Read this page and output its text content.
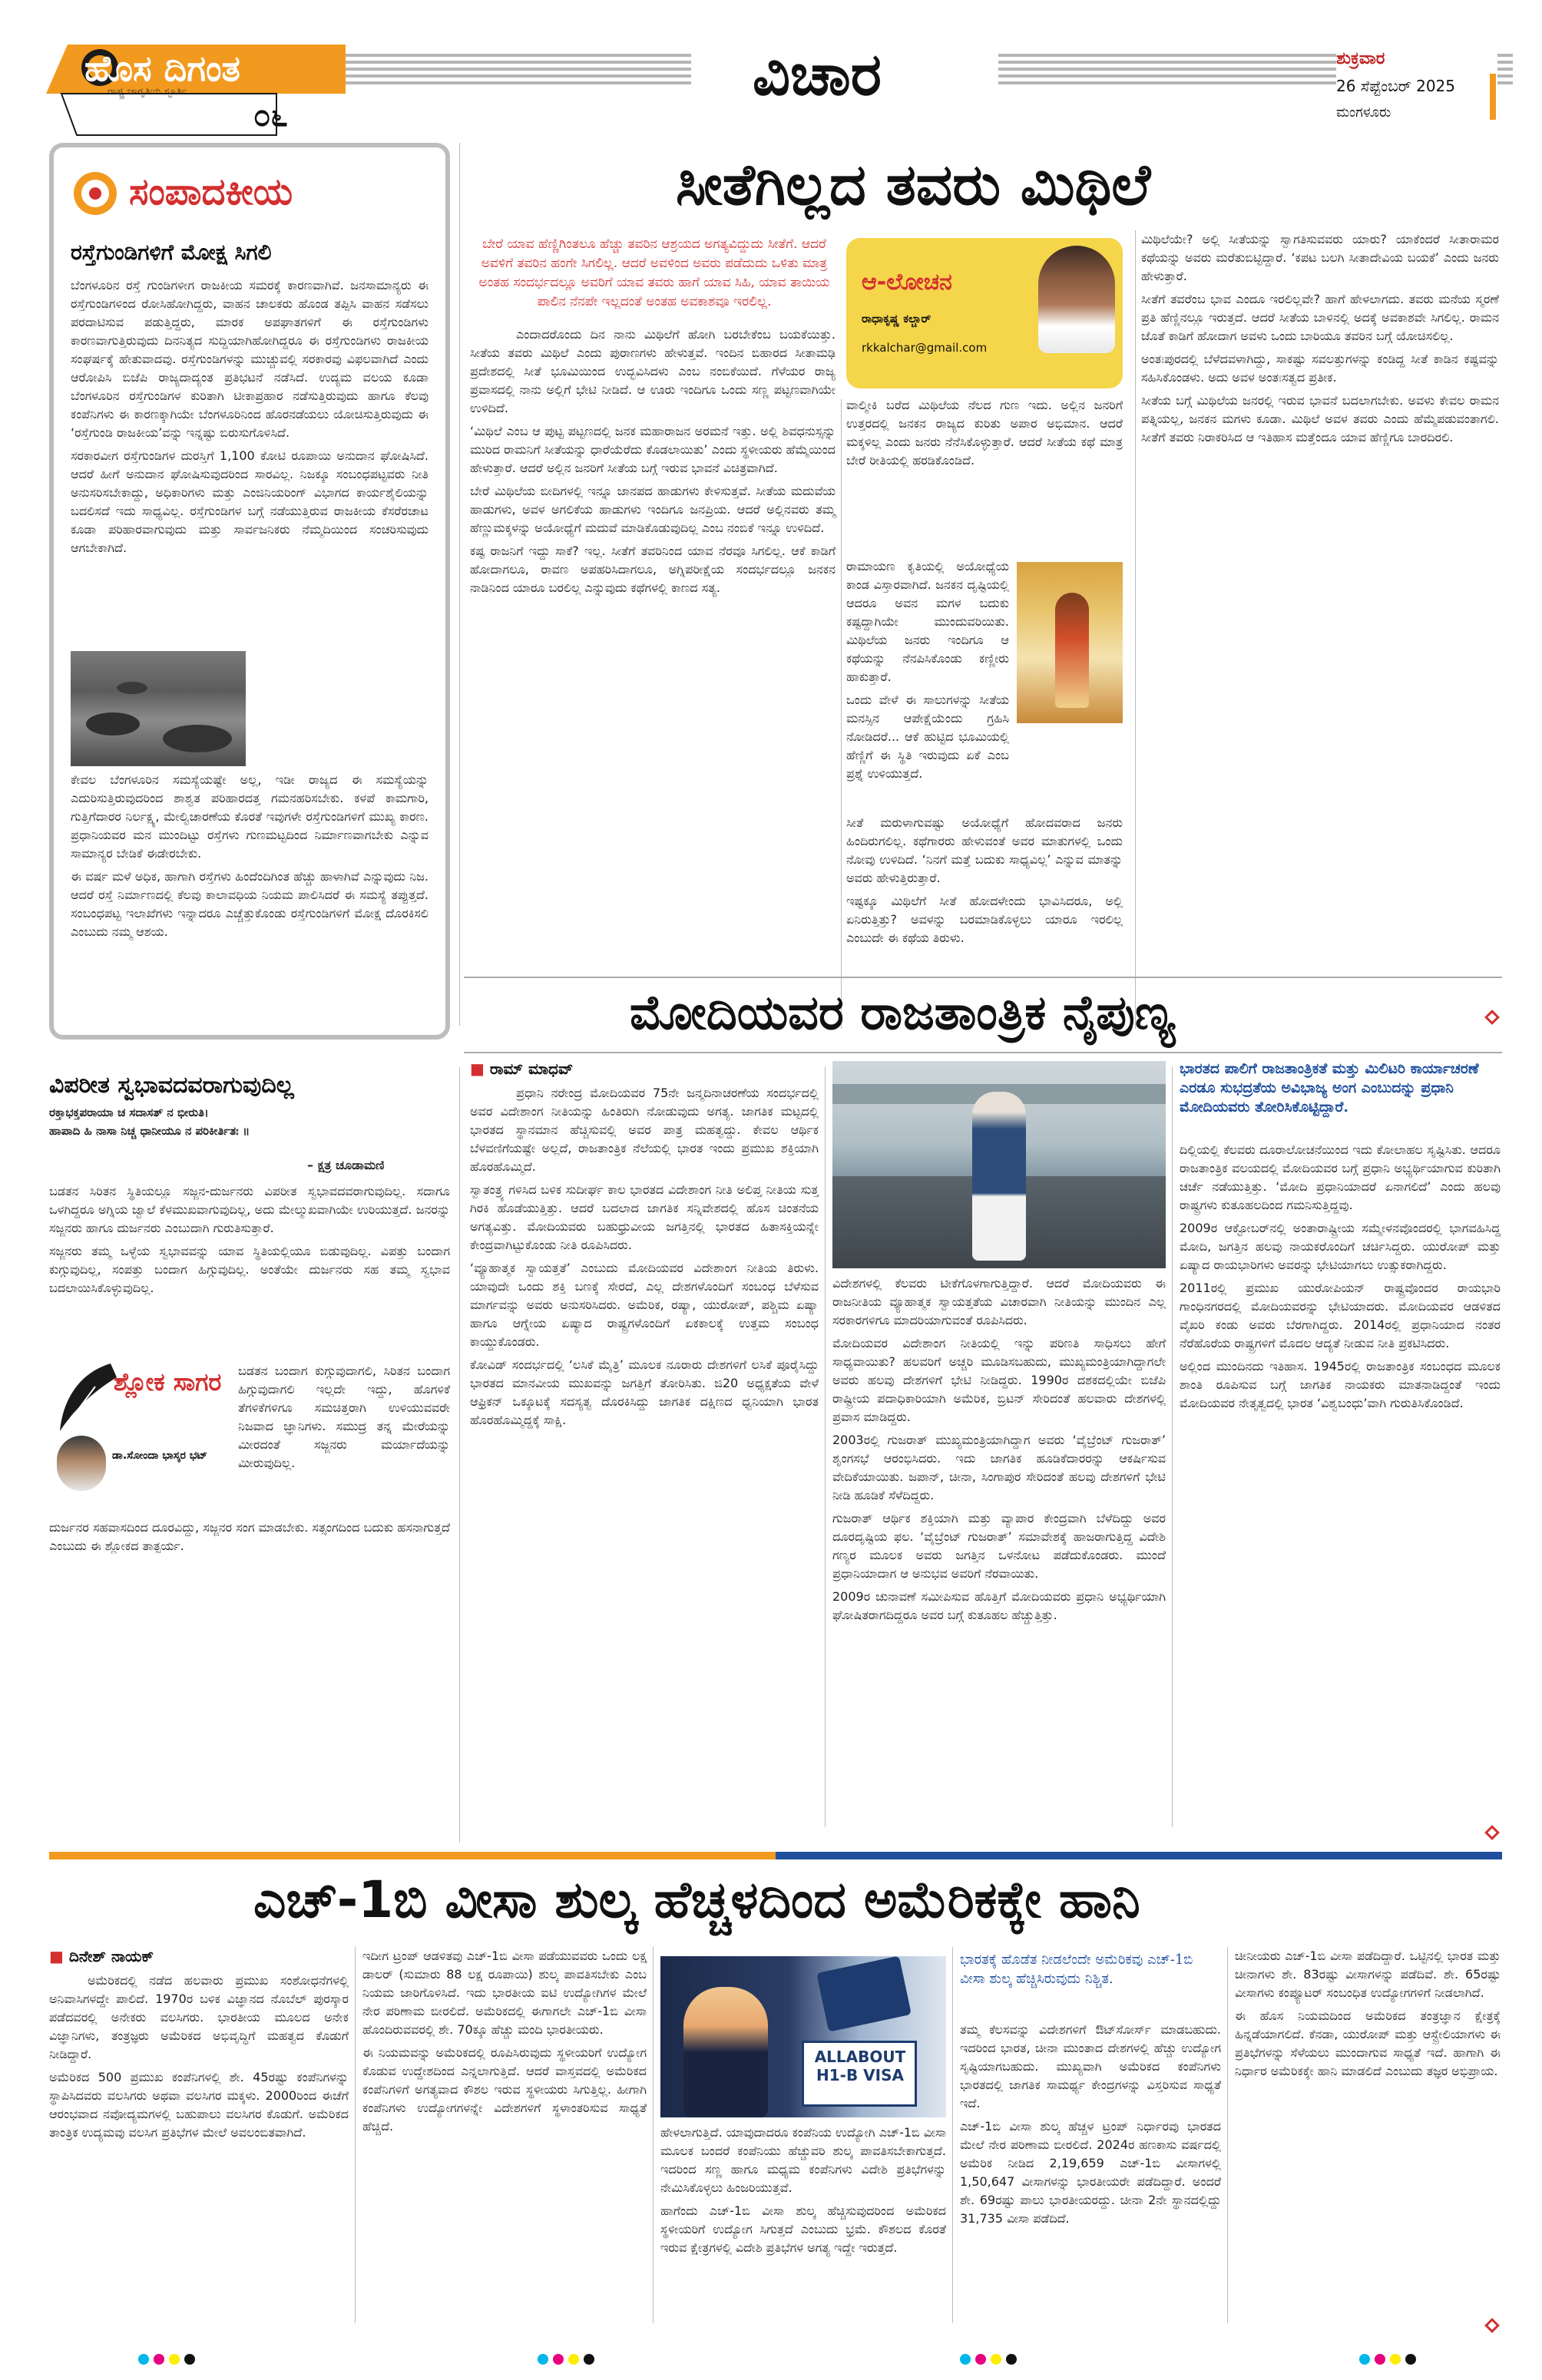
ಹೊಸ ದಿಗಂತ
ರಾಷ್ಟ್ರ ಜಾಗೃತಿಯ ಸ್ಫೂರ್ತಿ
೦೬
ವಿಚಾರ	ಶುಕ್ರವಾರ
26 ಸೆಪ್ಟೆಂಬರ್ 2025
ಮಂಗಳೂರು
ಸಂಪಾದಕೀಯ
ರಸ್ತೆಗುಂಡಿಗಳಿಗೆ ಮೋಕ್ಷ ಸಿಗಲಿ

ಬೆಂಗಳೂರಿನ ರಸ್ತೆ ಗುಂಡಿಗಳೀಗ ರಾಜಕೀಯ ಸಮರಕ್ಕೆ ಕಾರಣವಾಗಿವೆ. ಜನಸಾಮಾನ್ಯರು ಈ ರಸ್ತೆಗುಂಡಿಗಳಿಂದ ರೋಸಿಹೋಗಿದ್ದರು, ವಾಹನ ಚಾಲಕರು ಹೊಂಡ ತಪ್ಪಿಸಿ ವಾಹನ ಸಡೆಸಲು ಪರದಾಟಿಸುವ ಪಡುತ್ತಿದ್ದರು, ಮಾರಕ ಅಪಘಾತಗಳಿಗೆ ಈ ರಸ್ತೆಗುಂಡಿಗಳು ಕಾರಣವಾಗುತ್ತಿರುವುದು ದಿನನಿತ್ಯದ ಸುದ್ದಿಯಾಗಿಹೋಗಿದ್ದರೂ ಈ ರಸ್ತೆಗುಂಡಿಗಳು ರಾಜಕೀಯ ಸಂಘರ್ಷಕ್ಕೆ ಹೇತುವಾದವು. ರಸ್ತೆಗುಂಡಿಗಳನ್ನು ಮುಚ್ಚುವಲ್ಲಿ ಸರಕಾರವು ವಿಫಲವಾಗಿದೆ ಎಂದು ಆರೋಪಿಸಿ ಬಿಜೆಪಿ ರಾಜ್ಯದಾದ್ಯಂತ ಪ್ರತಿಭಟನೆ ನಡೆಸಿದೆ. ಉದ್ಯಮ ವಲಯ ಕೂಡಾ ಬೆಂಗಳೂರಿನ ರಸ್ತೆಗುಂಡಿಗಳ ಕುರಿತಾಗಿ ಟೀಕಾಪ್ರಹಾರ ನಡೆಸುತ್ತಿರುವುದು ಹಾಗೂ ಕೆಲವು ಕಂಪೆನಿಗಳು ಈ ಕಾರಣಕ್ಕಾಗಿಯೇ ಬೆಂಗಳೂರಿನಿಂದ ಹೊರನಡೆಯಲು ಯೋಚಿಸುತ್ತಿರುವುದು ಈ ‘ರಸ್ತೆಗುಂಡಿ ರಾಜಕೀಯ’ವನ್ನು ಇನ್ನಷ್ಟು ಬಿರುಸುಗೊಳಿಸಿದೆ.

ಸರಕಾರವೀಗ ರಸ್ತೆಗುಂಡಿಗಳ ದುರಸ್ತಿಗೆ 1,100 ಕೋಟಿ ರೂಪಾಯಿ ಅನುದಾನ ಘೋಷಿಸಿದೆ. ಆದರೆ ಹೀಗೆ ಅನುದಾನ ಘೋಷಿಸುವುದರಿಂದ ಸಾರವಿಲ್ಲ. ನಿಜಕ್ಕೂ ಸಂಬಂಧಪಟ್ಟವರು ನೀತಿ ಅನುಸರಿಸಬೇಕಾದ್ದು, ಅಧಿಕಾರಿಗಳು ಮತ್ತು ಎಂಜಿನಿಯರಿಂಗ್ ವಿಭಾಗದ ಕಾರ್ಯಶೈಲಿಯನ್ನು ಬದಲಿಸದೆ ಇದು ಸಾಧ್ಯವಿಲ್ಲ. ರಸ್ತೆಗುಂಡಿಗಳ ಬಗ್ಗೆ ನಡೆಯುತ್ತಿರುವ ರಾಜಕೀಯ ಕೆಸರೆರಚಾಟ ಕೂಡಾ ಪರಿಹಾರವಾಗುವುದು ಮತ್ತು ಸಾರ್ವಜನಿಕರು ನೆಮ್ಮದಿಯಿಂದ ಸಂಚರಿಸುವುದು ಆಗಬೇಕಾಗಿದೆ.

ಕೇವಲ ಬೆಂಗಳೂರಿನ ಸಮಸ್ಯೆಯಷ್ಟೇ ಅಲ್ಲ, ಇಡೀ ರಾಜ್ಯದ ಈ ಸಮಸ್ಯೆಯನ್ನು ಎದುರಿಸುತ್ತಿರುವುದರಿಂದ ಶಾಶ್ವತ ಪರಿಹಾರದತ್ತ ಗಮನಹರಿಸಬೇಕು. ಕಳಪೆ ಕಾಮಗಾರಿ, ಗುತ್ತಿಗೆದಾರರ ನಿರ್ಲಕ್ಷ್ಯ, ಮೇಲ್ವಿಚಾರಣೆಯ ಕೊರತೆ ಇವುಗಳೇ ರಸ್ತೆಗುಂಡಿಗಳಿಗೆ ಮುಖ್ಯ ಕಾರಣ. ಪ್ರಧಾನಿಯವರ ಮನ ಮುಂದಿಟ್ಟು ರಸ್ತೆಗಳು ಗುಣಮಟ್ಟದಿಂದ ನಿರ್ಮಾಣವಾಗಬೇಕು ಎನ್ನುವ ಸಾಮಾನ್ಯರ ಬೇಡಿಕೆ ಈಡೇರಬೇಕು.

ಈ ವರ್ಷ ಮಳೆ ಅಧಿಕ, ಹಾಗಾಗಿ ರಸ್ತೆಗಳು ಹಿಂದೆಂದಿಗಿಂತ ಹೆಚ್ಚು ಹಾಳಾಗಿವೆ ಎನ್ನುವುದು ನಿಜ. ಆದರೆ ರಸ್ತೆ ನಿರ್ಮಾಣದಲ್ಲಿ ಕೆಲವು ಕಾಲಾವಧಿಯ ನಿಯಮ ಪಾಲಿಸಿದರೆ ಈ ಸಮಸ್ಯೆ ತಪ್ಪುತ್ತದೆ. ಸಂಬಂಧಪಟ್ಟ ಇಲಾಖೆಗಳು ಇನ್ನಾದರೂ ಎಚ್ಚೆತ್ತುಕೊಂಡು ರಸ್ತೆಗುಂಡಿಗಳಿಗೆ ಮೋಕ್ಷ ದೊರಕಿಸಲಿ ಎಂಬುದು ನಮ್ಮ ಆಶಯ.

ಸೀತೆಗಿಲ್ಲದ ತವರು ಮಿಥಿಲೆ
ಬೇರೆ ಯಾವ ಹೆಣ್ಣಿಗಿಂತಲೂ ಹೆಚ್ಚು ತವರಿನ ಆಶ್ರಯದ ಅಗತ್ಯವಿದ್ದುದು ಸೀತೆಗೆ. ಆದರೆ ಅವಳಿಗೆ ತವರಿನ ಹಂಗೇ ಸಿಗಲಿಲ್ಲ. ಆದರೆ ಅವಳಿಂದ ಅವರು ಪಡೆದುದು ಒಳಿತು ಮಾತ್ರ ಅಂತಹ ಸಂದರ್ಭದಲ್ಲೂ ಅವರಿಗೆ ಯಾವ ತವರು ಹಾಗೆ ಯಾವ ಸಿಹಿ, ಯಾವ ತಾಯಿಯ ಪಾಲಿನ ನೆನಪೇ ಇಲ್ಲದಂತೆ ಅಂತಹ ಅವಕಾಶವೂ ಇರಲಿಲ್ಲ.
ಆ-ಲೋಚನ
ರಾಧಾಕೃಷ್ಣ ಕಲ್ಚಾರ್
rkkalchar@gmail.com

ಎಂದಾದರೊಂದು ದಿನ ನಾನು ಮಿಥಿಲೆಗೆ ಹೋಗಿ ಬರಬೇಕೆಂಬ ಬಯಕೆಯಿತ್ತು. ಸೀತೆಯ ತವರು ಮಿಥಿಲೆ ಎಂದು ಪುರಾಣಗಳು ಹೇಳುತ್ತವೆ. ಇಂದಿನ ಬಿಹಾರದ ಸೀತಾಮಢಿ ಪ್ರದೇಶದಲ್ಲಿ ಸೀತೆ ಭೂಮಿಯಿಂದ ಉದ್ಭವಿಸಿದಳು ಎಂಬ ನಂಬಿಕೆಯಿದೆ. ಗೆಳೆಯರ ರಾಜ್ಯ ಪ್ರವಾಸದಲ್ಲಿ ನಾನು ಅಲ್ಲಿಗೆ ಭೇಟಿ ನೀಡಿದೆ. ಆ ಊರು ಇಂದಿಗೂ ಒಂದು ಸಣ್ಣ ಪಟ್ಟಣವಾಗಿಯೇ ಉಳಿದಿದೆ.

‘ಮಿಥಿಲೆ ಎಂಬ ಆ ಪುಟ್ಟ ಪಟ್ಟಣದಲ್ಲಿ ಜನಕ ಮಹಾರಾಜನ ಅರಮನೆ ಇತ್ತು. ಅಲ್ಲಿ ಶಿವಧನುಸ್ಸನ್ನು ಮುರಿದ ರಾಮನಿಗೆ ಸೀತೆಯನ್ನು ಧಾರೆಯೆರೆದು ಕೊಡಲಾಯಿತು’ ಎಂದು ಸ್ಥಳೀಯರು ಹೆಮ್ಮೆಯಿಂದ ಹೇಳುತ್ತಾರೆ. ಆದರೆ ಅಲ್ಲಿನ ಜನರಿಗೆ ಸೀತೆಯ ಬಗ್ಗೆ ಇರುವ ಭಾವನೆ ವಿಚಿತ್ರವಾಗಿದೆ.

ಬೇರೆ ಮಿಥಿಲೆಯ ಬೀದಿಗಳಲ್ಲಿ ಇನ್ನೂ ಜಾನಪದ ಹಾಡುಗಳು ಕೇಳಿಸುತ್ತವೆ. ಸೀತೆಯ ಮದುವೆಯ ಹಾಡುಗಳು, ಅವಳ ಅಗಲಿಕೆಯ ಹಾಡುಗಳು ಇಂದಿಗೂ ಜನಪ್ರಿಯ. ಆದರೆ ಅಲ್ಲಿನವರು ತಮ್ಮ ಹೆಣ್ಣುಮಕ್ಕಳನ್ನು ಅಯೋಧ್ಯೆಗೆ ಮದುವೆ ಮಾಡಿಕೊಡುವುದಿಲ್ಲ ಎಂಬ ನಂಬಿಕೆ ಇನ್ನೂ ಉಳಿದಿದೆ.

ಕಷ್ಟ ರಾಜನಿಗೆ ಇದ್ದು ಸಾಕೆ? ಇಲ್ಲ. ಸೀತೆಗೆ ತವರಿನಿಂದ ಯಾವ ನೆರವೂ ಸಿಗಲಿಲ್ಲ. ಆಕೆ ಕಾಡಿಗೆ ಹೋದಾಗಲೂ, ರಾವಣ ಅಪಹರಿಸಿದಾಗಲೂ, ಅಗ್ನಿಪರೀಕ್ಷೆಯ ಸಂದರ್ಭದಲ್ಲೂ ಜನಕನ ನಾಡಿನಿಂದ ಯಾರೂ ಬರಲಿಲ್ಲ ಎನ್ನುವುದು ಕಥೆಗಳಲ್ಲಿ ಕಾಣದ ಸತ್ಯ.

ವಾಲ್ಮೀಕಿ ಬರೆದ ಮಿಥಿಲೆಯ ನೆಲದ ಗುಣ ಇದು. ಅಲ್ಲಿನ ಜನರಿಗೆ ಉತ್ತರದಲ್ಲಿ ಜನಕನ ರಾಜ್ಯದ ಕುರಿತು ಅಪಾರ ಅಭಿಮಾನ. ಆದರೆ ಮಕ್ಕಳಿಲ್ಲ ಎಂದು ಜನರು ನೆನೆಸಿಕೊಳ್ಳುತ್ತಾರೆ. ಆದರೆ ಸೀತೆಯ ಕಥೆ ಮಾತ್ರ ಬೇರೆ ರೀತಿಯಲ್ಲಿ ಹರಡಿಕೊಂಡಿದೆ.

ರಾಮಾಯಣ ಕೃತಿಯಲ್ಲಿ ಅಯೋಧ್ಯೆಯ ಕಾಂಡ ವಿಸ್ತಾರವಾಗಿದೆ. ಜನಕನ ದೃಷ್ಟಿಯಲ್ಲಿ ಆದರೂ ಅವನ ಮಗಳ ಬದುಕು ಕಷ್ಟದ್ದಾಗಿಯೇ ಮುಂದುವರಿಯಿತು. ಮಿಥಿಲೆಯ ಜನರು ಇಂದಿಗೂ ಆ ಕಥೆಯನ್ನು ನೆನಪಿಸಿಕೊಂಡು ಕಣ್ಣೀರು ಹಾಕುತ್ತಾರೆ.

ಒಂದು ವೇಳೆ ಈ ಸಾಲುಗಳನ್ನು ಸೀತೆಯ ಮನಸ್ಸಿನ ಆಪೇಕ್ಷೆಯೆಂದು ಗ್ರಹಿಸಿ ನೋಡಿದರೆ... ಆಕೆ ಹುಟ್ಟಿದ ಭೂಮಿಯಲ್ಲಿ ಹೆಣ್ಣಿಗೆ ಈ ಸ್ಥಿತಿ ಇರುವುದು ಏಕೆ ಎಂಬ ಪ್ರಶ್ನೆ ಉಳಿಯುತ್ತದೆ.

ಸೀತೆ ಮರುಳಾಗುವಷ್ಟು ಅಯೋಧ್ಯೆಗೆ ಹೋದವರಾದ ಜನರು ಹಿಂದಿರುಗಲಿಲ್ಲ. ಕಥೆಗಾರರು ಹೇಳುವಂತೆ ಅವರ ಮಾತುಗಳಲ್ಲಿ ಒಂದು ನೋವು ಉಳಿದಿದೆ. ‘ನಿನಗೆ ಮತ್ತೆ ಬದುಕು ಸಾಧ್ಯವಿಲ್ಲ’ ಎನ್ನುವ ಮಾತನ್ನು ಅವರು ಹೇಳುತ್ತಿರುತ್ತಾರೆ.

ಇಷ್ಟಕ್ಕೂ ಮಿಥಿಲೆಗೆ ಸೀತೆ ಹೋದಳೇಂದು ಭಾವಿಸಿದರೂ, ಅಲ್ಲಿ ಏನಿರುತ್ತಿತ್ತು? ಅವಳನ್ನು ಬರಮಾಡಿಕೊಳ್ಳಲು ಯಾರೂ ಇರಲಿಲ್ಲ ಎಂಬುದೇ ಈ ಕಥೆಯ ತಿರುಳು.

ಮಿಥಿಲೆಯೇ? ಅಲ್ಲಿ ಸೀತೆಯನ್ನು ಸ್ವಾಗತಿಸುವವರು ಯಾರು? ಯಾಕೆಂದರೆ ಸೀತಾರಾಮರ ಕಥೆಯನ್ನು ಅವರು ಮರೆತುಬಿಟ್ಟಿದ್ದಾರೆ. ‘ಕಪಟ ಬಲಗಿ ಸೀತಾದೇವಿಯ ಬಯಕೆ’ ಎಂದು ಜನರು ಹೇಳುತ್ತಾರೆ.

ಸೀತೆಗೆ ತವರೆಂಬ ಭಾವ ಎಂದೂ ಇರಲಿಲ್ಲವೇ? ಹಾಗೆ ಹೇಳಲಾಗದು. ತವರು ಮನೆಯ ಸ್ಮರಣೆ ಪ್ರತಿ ಹೆಣ್ಣಿನಲ್ಲೂ ಇರುತ್ತದೆ. ಆದರೆ ಸೀತೆಯ ಬಾಳಿನಲ್ಲಿ ಅದಕ್ಕೆ ಅವಕಾಶವೇ ಸಿಗಲಿಲ್ಲ. ರಾಮನ ಜೊತೆ ಕಾಡಿಗೆ ಹೋದಾಗ ಅವಳು ಒಂದು ಬಾರಿಯೂ ತವರಿನ ಬಗ್ಗೆ ಯೋಚಿಸಲಿಲ್ಲ.

ಅಂತಃಪುರದಲ್ಲಿ ಬೆಳೆದವಳಾಗಿದ್ದು, ಸಾಕಷ್ಟು ಸವಲತ್ತುಗಳನ್ನು ಕಂಡಿದ್ದ ಸೀತೆ ಕಾಡಿನ ಕಷ್ಟವನ್ನು ಸಹಿಸಿಕೊಂಡಳು. ಅದು ಅವಳ ಅಂತಃಸತ್ವದ ಪ್ರತೀಕ.

ಸೀತೆಯ ಬಗ್ಗೆ ಮಿಥಿಲೆಯ ಜನರಲ್ಲಿ ಇರುವ ಭಾವನೆ ಬದಲಾಗಬೇಕು. ಅವಳು ಕೇವಲ ರಾಮನ ಪತ್ನಿಯಲ್ಲ, ಜನಕನ ಮಗಳು ಕೂಡಾ. ಮಿಥಿಲೆ ಅವಳ ತವರು ಎಂದು ಹೆಮ್ಮೆಪಡುವಂತಾಗಲಿ. ಸೀತೆಗೆ ತವರು ನಿರಾಕರಿಸಿದ ಆ ಇತಿಹಾಸ ಮತ್ತೆಂದೂ ಯಾವ ಹೆಣ್ಣಿಗೂ ಬಾರದಿರಲಿ.

ವಿಪರೀತ ಸ್ವಭಾವದವರಾಗುವುದಿಲ್ಲ
ರಕ್ತಾಭಕ್ತಪರಾಯಾ ಚ ಸದಾಸತ್ ನ ಭೀರುತಿ।
ಹಾಪಾದಿ ಹಿ ನಾಸಾ ನಿಚ್ಚ ಧಾನೀಯೂ ನ ಪರಿಕೀರ್ತಿತಃ ॥
– ಕ್ಷತ್ರ ಚೂಡಾಮಣಿ

ಬಡತನ ಸಿರಿತನ ಸ್ಥಿತಿಯಲ್ಲೂ ಸಜ್ಜನ-ದುರ್ಜನರು ವಿಪರೀತ ಸ್ವಭಾವದವರಾಗುವುದಿಲ್ಲ. ಸದಾಗೂ ಒಳಗಿದ್ದರೂ ಅಗ್ನಿಯ ಜ್ವಾಲೆ ಕೆಳಮುಖವಾಗುವುದಿಲ್ಲ, ಅದು ಮೇಲ್ಮುಖವಾಗಿಯೇ ಉರಿಯುತ್ತದೆ. ಜನರನ್ನು ಸಜ್ಜನರು ಹಾಗೂ ದುರ್ಜನರು ಎಂಬುದಾಗಿ ಗುರುತಿಸುತ್ತಾರೆ.

ಸಜ್ಜನರು ತಮ್ಮ ಒಳ್ಳೆಯ ಸ್ವಭಾವವನ್ನು ಯಾವ ಸ್ಥಿತಿಯಲ್ಲಿಯೂ ಬಿಡುವುದಿಲ್ಲ. ವಿಪತ್ತು ಬಂದಾಗ ಕುಗ್ಗುವುದಿಲ್ಲ, ಸಂಪತ್ತು ಬಂದಾಗ ಹಿಗ್ಗುವುದಿಲ್ಲ. ಅಂತೆಯೇ ದುರ್ಜನರು ಸಹ ತಮ್ಮ ಸ್ವಭಾವ ಬದಲಾಯಿಸಿಕೊಳ್ಳುವುದಿಲ್ಲ.

ಶ್ಲೋಕ ಸಾಗರ
ಡಾ.ಸೋಂದಾ ಭಾಸ್ಕರ ಭಟ್

ಬಡತನ ಬಂದಾಗ ಕುಗ್ಗುವುದಾಗಲಿ, ಸಿರಿತನ ಬಂದಾಗ ಹಿಗ್ಗುವುದಾಗಲಿ ಇಲ್ಲದೇ ಇದ್ದು, ಹೊಗಳಿಕೆ ತೆಗಳಿಕೆಗಳಿಗೂ ಸಮಚಿತ್ತರಾಗಿ ಉಳಿಯುವವರೇ ನಿಜವಾದ ಜ್ಞಾನಿಗಳು. ಸಮುದ್ರ ತನ್ನ ಮೇರೆಯನ್ನು ಮೀರದಂತೆ ಸಜ್ಜನರು ಮರ್ಯಾದೆಯನ್ನು ಮೀರುವುದಿಲ್ಲ.

ದುರ್ಜನರ ಸಹವಾಸದಿಂದ ದೂರವಿದ್ದು, ಸಜ್ಜನರ ಸಂಗ ಮಾಡಬೇಕು. ಸತ್ಸಂಗದಿಂದ ಬದುಕು ಹಸನಾಗುತ್ತದೆ ಎಂಬುದು ಈ ಶ್ಲೋಕದ ತಾತ್ಪರ್ಯ.

ಮೋದಿಯವರ ರಾಜತಾಂತ್ರಿಕ ನೈಪುಣ್ಯ
■ ರಾಮ್ ಮಾಧವ್

ಪ್ರಧಾನಿ ನರೇಂದ್ರ ಮೋದಿಯವರ 75ನೇ ಜನ್ಮದಿನಾಚರಣೆಯ ಸಂದರ್ಭದಲ್ಲಿ ಅವರ ವಿದೇಶಾಂಗ ನೀತಿಯನ್ನು ಹಿಂತಿರುಗಿ ನೋಡುವುದು ಅಗತ್ಯ. ಜಾಗತಿಕ ಮಟ್ಟದಲ್ಲಿ ಭಾರತದ ಸ್ಥಾನಮಾನ ಹೆಚ್ಚಿಸುವಲ್ಲಿ ಅವರ ಪಾತ್ರ ಮಹತ್ವದ್ದು. ಕೇವಲ ಆರ್ಥಿಕ ಬೆಳವಣಿಗೆಯಷ್ಟೇ ಅಲ್ಲದೆ, ರಾಜತಾಂತ್ರಿಕ ನೆಲೆಯಲ್ಲಿ ಭಾರತ ಇಂದು ಪ್ರಮುಖ ಶಕ್ತಿಯಾಗಿ ಹೊರಹೊಮ್ಮಿದೆ.

ಸ್ವಾತಂತ್ರ್ಯ ಗಳಿಸಿದ ಬಳಿಕ ಸುದೀರ್ಘ ಕಾಲ ಭಾರತದ ವಿದೇಶಾಂಗ ನೀತಿ ಅಲಿಪ್ತ ನೀತಿಯ ಸುತ್ತ ಗಿರಕಿ ಹೊಡೆಯುತ್ತಿತ್ತು. ಆದರೆ ಬದಲಾದ ಜಾಗತಿಕ ಸನ್ನಿವೇಶದಲ್ಲಿ ಹೊಸ ಚಿಂತನೆಯ ಅಗತ್ಯವಿತ್ತು. ಮೋದಿಯವರು ಬಹುಧ್ರುವೀಯ ಜಗತ್ತಿನಲ್ಲಿ ಭಾರತದ ಹಿತಾಸಕ್ತಿಯನ್ನೇ ಕೇಂದ್ರವಾಗಿಟ್ಟುಕೊಂಡು ನೀತಿ ರೂಪಿಸಿದರು.

‘ವ್ಯೂಹಾತ್ಮಕ ಸ್ವಾಯತ್ತತೆ’ ಎಂಬುದು ಮೋದಿಯವರ ವಿದೇಶಾಂಗ ನೀತಿಯ ತಿರುಳು. ಯಾವುದೇ ಒಂದು ಶಕ್ತಿ ಬಣಕ್ಕೆ ಸೇರದೆ, ಎಲ್ಲ ದೇಶಗಳೊಂದಿಗೆ ಸಂಬಂಧ ಬೆಳೆಸುವ ಮಾರ್ಗವನ್ನು ಅವರು ಅನುಸರಿಸಿದರು. ಅಮೆರಿಕ, ರಷ್ಯಾ, ಯುರೋಪ್, ಪಶ್ಚಿಮ ಏಷ್ಯಾ ಹಾಗೂ ಆಗ್ನೇಯ ಏಷ್ಯಾದ ರಾಷ್ಟ್ರಗಳೊಂದಿಗೆ ಏಕಕಾಲಕ್ಕೆ ಉತ್ತಮ ಸಂಬಂಧ ಕಾಯ್ದುಕೊಂಡರು.

ಕೋವಿಡ್ ಸಂದರ್ಭದಲ್ಲಿ ‘ಲಸಿಕೆ ಮೈತ್ರಿ’ ಮೂಲಕ ನೂರಾರು ದೇಶಗಳಿಗೆ ಲಸಿಕೆ ಪೂರೈಸಿದ್ದು ಭಾರತದ ಮಾನವೀಯ ಮುಖವನ್ನು ಜಗತ್ತಿಗೆ ತೋರಿಸಿತು. ಜಿ20 ಅಧ್ಯಕ್ಷತೆಯ ವೇಳೆ ಆಫ್ರಿಕನ್ ಒಕ್ಕೂಟಕ್ಕೆ ಸದಸ್ಯತ್ವ ದೊರಕಿಸಿದ್ದು ಜಾಗತಿಕ ದಕ್ಷಿಣದ ಧ್ವನಿಯಾಗಿ ಭಾರತ ಹೊರಹೊಮ್ಮಿದ್ದಕ್ಕೆ ಸಾಕ್ಷಿ.

ವಿದೇಶಗಳಲ್ಲಿ ಕೆಲವರು ಟೀಕೆಗೊಳಗಾಗುತ್ತಿದ್ದಾರೆ. ಆದರೆ ಮೋದಿಯವರು ಈ ರಾಜನೀತಿಯ ವ್ಯೂಹಾತ್ಮಕ ಸ್ವಾಯತ್ತತೆಯ ವಿಚಾರವಾಗಿ ನೀತಿಯನ್ನು ಮುಂದಿನ ಎಲ್ಲ ಸರಕಾರಗಳಿಗೂ ಮಾದರಿಯಾಗುವಂತೆ ರೂಪಿಸಿದರು.

ಮೋದಿಯವರ ವಿದೇಶಾಂಗ ನೀತಿಯಲ್ಲಿ ಇನ್ನು ಪರಿಣತಿ ಸಾಧಿಸಲು ಹೇಗೆ ಸಾಧ್ಯವಾಯಿತು? ಹಲವರಿಗೆ ಅಚ್ಚರಿ ಮೂಡಿಸಬಹುದು, ಮುಖ್ಯಮಂತ್ರಿಯಾಗಿದ್ದಾಗಲೇ ಅವರು ಹಲವು ದೇಶಗಳಿಗೆ ಭೇಟಿ ನೀಡಿದ್ದರು. 1990ರ ದಶಕದಲ್ಲಿಯೇ ಬಿಜೆಪಿ ರಾಷ್ಟ್ರೀಯ ಪದಾಧಿಕಾರಿಯಾಗಿ ಅಮೆರಿಕ, ಬ್ರಿಟನ್ ಸೇರಿದಂತೆ ಹಲವಾರು ದೇಶಗಳಲ್ಲಿ ಪ್ರವಾಸ ಮಾಡಿದ್ದರು.

2003ರಲ್ಲಿ ಗುಜರಾತ್ ಮುಖ್ಯಮಂತ್ರಿಯಾಗಿದ್ದಾಗ ಅವರು ‘ವೈಬ್ರೆಂಟ್ ಗುಜರಾತ್’ ಶೃಂಗಸಭೆ ಆರಂಭಿಸಿದರು. ಇದು ಜಾಗತಿಕ ಹೂಡಿಕೆದಾರರನ್ನು ಆಕರ್ಷಿಸುವ ವೇದಿಕೆಯಾಯಿತು. ಜಪಾನ್, ಚೀನಾ, ಸಿಂಗಾಪುರ ಸೇರಿದಂತೆ ಹಲವು ದೇಶಗಳಿಗೆ ಭೇಟಿ ನೀಡಿ ಹೂಡಿಕೆ ಸೆಳೆದಿದ್ದರು.

ಗುಜರಾತ್ ಆರ್ಥಿಕ ಶಕ್ತಿಯಾಗಿ ಮತ್ತು ವ್ಯಾಪಾರ ಕೇಂದ್ರವಾಗಿ ಬೆಳೆದಿದ್ದು ಅವರ ದೂರದೃಷ್ಟಿಯ ಫಲ. ‘ವೈಬ್ರೆಂಟ್ ಗುಜರಾತ್’ ಸಮಾವೇಶಕ್ಕೆ ಹಾಜರಾಗುತ್ತಿದ್ದ ವಿದೇಶಿ ಗಣ್ಯರ ಮೂಲಕ ಅವರು ಜಗತ್ತಿನ ಒಳನೋಟ ಪಡೆದುಕೊಂಡರು. ಮುಂದೆ ಪ್ರಧಾನಿಯಾದಾಗ ಆ ಅನುಭವ ಅವರಿಗೆ ನೆರವಾಯಿತು.

2009ರ ಚುನಾವಣೆ ಸಮೀಪಿಸುವ ಹೊತ್ತಿಗೆ ಮೋದಿಯವರು ಪ್ರಧಾನಿ ಅಭ್ಯರ್ಥಿಯಾಗಿ ಘೋಷಿತರಾಗದಿದ್ದರೂ ಅವರ ಬಗ್ಗೆ ಕುತೂಹಲ ಹೆಚ್ಚುತ್ತಿತ್ತು.

ಭಾರತದ ಪಾಲಿಗೆ ರಾಜತಾಂತ್ರಿಕತೆ ಮತ್ತು ಮಿಲಿಟರಿ ಕಾರ್ಯಾಚರಣೆ ಎರಡೂ ಸುಭದ್ರತೆಯ ಅವಿಭಾಜ್ಯ ಅಂಗ ಎಂಬುದನ್ನು ಪ್ರಧಾನಿ ಮೋದಿಯವರು ತೋರಿಸಿಕೊಟ್ಟಿದ್ದಾರೆ.

ದಿಲ್ಲಿಯಲ್ಲಿ ಕೆಲವರು ದೂರಾಲೋಚನೆಯಿಂದ ಇದು ಕೋಲಾಹಲ ಸೃಷ್ಟಿಸಿತು. ಆದರೂ ರಾಜತಾಂತ್ರಿಕ ವಲಯದಲ್ಲಿ ಮೋದಿಯವರ ಬಗ್ಗೆ ಪ್ರಧಾನಿ ಅಭ್ಯರ್ಥಿಯಾಗುವ ಕುರಿತಾಗಿ ಚರ್ಚೆ ನಡೆಯುತ್ತಿತ್ತು. ‘ಮೋದಿ ಪ್ರಧಾನಿಯಾದರೆ ಏನಾಗಲಿದೆ’ ಎಂದು ಹಲವು ರಾಷ್ಟ್ರಗಳು ಕುತೂಹಲದಿಂದ ಗಮನಿಸುತ್ತಿದ್ದವು.

2009ರ ಆಕ್ಟೋಬರ್‌ನಲ್ಲಿ ಅಂತಾರಾಷ್ಟ್ರೀಯ ಸಮ್ಮೇಳನವೊಂದರಲ್ಲಿ ಭಾಗವಹಿಸಿದ್ದ ಮೋದಿ, ಜಗತ್ತಿನ ಹಲವು ನಾಯಕರೊಂದಿಗೆ ಚರ್ಚಿಸಿದ್ದರು. ಯುರೋಪ್ ಮತ್ತು ಏಷ್ಯಾದ ರಾಯಭಾರಿಗಳು ಅವರನ್ನು ಭೇಟಿಯಾಗಲು ಉತ್ಸುಕರಾಗಿದ್ದರು.

2011ರಲ್ಲಿ ಪ್ರಮುಖ ಯುರೋಪಿಯನ್ ರಾಷ್ಟ್ರವೊಂದರ ರಾಯಭಾರಿ ಗಾಂಧಿನಗರದಲ್ಲಿ ಮೋದಿಯವರನ್ನು ಭೇಟಿಯಾದರು. ಮೋದಿಯವರ ಆಡಳಿತದ ವೈಖರಿ ಕಂಡು ಅವರು ಬೆರಗಾಗಿದ್ದರು. 2014ರಲ್ಲಿ ಪ್ರಧಾನಿಯಾದ ನಂತರ ನೆರೆಹೊರೆಯ ರಾಷ್ಟ್ರಗಳಿಗೆ ಮೊದಲ ಆದ್ಯತೆ ನೀಡುವ ನೀತಿ ಪ್ರಕಟಿಸಿದರು.

ಅಲ್ಲಿಂದ ಮುಂದಿನದು ಇತಿಹಾಸ. 1945ರಲ್ಲಿ ರಾಜತಾಂತ್ರಿಕ ಸಂಬಂಧದ ಮೂಲಕ ಶಾಂತಿ ರೂಪಿಸುವ ಬಗ್ಗೆ ಜಾಗತಿಕ ನಾಯಕರು ಮಾತನಾಡಿದ್ದಂತೆ ಇಂದು ಮೋದಿಯವರ ನೇತೃತ್ವದಲ್ಲಿ ಭಾರತ ‘ವಿಶ್ವಬಂಧು’ವಾಗಿ ಗುರುತಿಸಿಕೊಂಡಿದೆ.

ಎಚ್-1ಬಿ ವೀಸಾ ಶುಲ್ಕ ಹೆಚ್ಚಳದಿಂದ ಅಮೆರಿಕಕ್ಕೇ ಹಾನಿ
■ ದಿನೇಶ್ ನಾಯಕ್

ಅಮೆರಿಕದಲ್ಲಿ ನಡೆದ ಹಲವಾರು ಪ್ರಮುಖ ಸಂಶೋಧನೆಗಳಲ್ಲಿ ಅನಿವಾಸಿಗಳದ್ದೇ ಪಾಲಿದೆ. 1970ರ ಬಳಿಕ ವಿಜ್ಞಾನದ ನೊಬೆಲ್ ಪುರಸ್ಕಾರ ಪಡೆದವರಲ್ಲಿ ಅನೇಕರು ವಲಸಿಗರು. ಭಾರತೀಯ ಮೂಲದ ಅನೇಕ ವಿಜ್ಞಾನಿಗಳು, ತಂತ್ರಜ್ಞರು ಅಮೆರಿಕದ ಅಭಿವೃದ್ಧಿಗೆ ಮಹತ್ವದ ಕೊಡುಗೆ ನೀಡಿದ್ದಾರೆ.

ಅಮೆರಿಕದ 500 ಪ್ರಮುಖ ಕಂಪೆನಿಗಳಲ್ಲಿ ಶೇ. 45ರಷ್ಟು ಕಂಪೆನಿಗಳನ್ನು ಸ್ಥಾಪಿಸಿದವರು ವಲಸಿಗರು ಅಥವಾ ವಲಸಿಗರ ಮಕ್ಕಳು. 2000ರಿಂದ ಈಚೆಗೆ ಆರಂಭವಾದ ನವೋದ್ಯಮಗಳಲ್ಲಿ ಬಹುಪಾಲು ವಲಸಿಗರ ಕೊಡುಗೆ. ಅಮೆರಿಕದ ತಾಂತ್ರಿಕ ಉದ್ಯಮವು ವಲಸಿಗ ಪ್ರತಿಭೆಗಳ ಮೇಲೆ ಅವಲಂಬಿತವಾಗಿದೆ.

ಇದೀಗ ಟ್ರಂಪ್ ಆಡಳಿತವು ಎಚ್-1ಬಿ ವೀಸಾ ಪಡೆಯುವವರು ಒಂದು ಲಕ್ಷ ಡಾಲರ್ (ಸುಮಾರು 88 ಲಕ್ಷ ರೂಪಾಯಿ) ಶುಲ್ಕ ಪಾವತಿಸಬೇಕು ಎಂಬ ನಿಯಮ ಜಾರಿಗೊಳಿಸಿದೆ. ಇದು ಭಾರತೀಯ ಐಟಿ ಉದ್ಯೋಗಿಗಳ ಮೇಲೆ ನೇರ ಪರಿಣಾಮ ಬೀರಲಿದೆ. ಅಮೆರಿಕದಲ್ಲಿ ಈಗಾಗಲೇ ಎಚ್-1ಬಿ ವೀಸಾ ಹೊಂದಿರುವವರಲ್ಲಿ ಶೇ. 70ಕ್ಕೂ ಹೆಚ್ಚು ಮಂದಿ ಭಾರತೀಯರು.

ಈ ನಿಯಮವನ್ನು ಅಮೆರಿಕದಲ್ಲಿ ರೂಪಿಸಿರುವುದು ಸ್ಥಳೀಯರಿಗೆ ಉದ್ಯೋಗ ಕೊಡುವ ಉದ್ದೇಶದಿಂದ ಎನ್ನಲಾಗುತ್ತಿದೆ. ಆದರೆ ವಾಸ್ತವದಲ್ಲಿ ಅಮೆರಿಕದ ಕಂಪೆನಿಗಳಿಗೆ ಅಗತ್ಯವಾದ ಕೌಶಲ ಇರುವ ಸ್ಥಳೀಯರು ಸಿಗುತ್ತಿಲ್ಲ. ಹೀಗಾಗಿ ಕಂಪೆನಿಗಳು ಉದ್ಯೋಗಗಳನ್ನೇ ವಿದೇಶಗಳಿಗೆ ಸ್ಥಳಾಂತರಿಸುವ ಸಾಧ್ಯತೆ ಹೆಚ್ಚಿದೆ.

ALLABOUT H1-B VISA

ಹೇಳಲಾಗುತ್ತಿದೆ. ಯಾವುದಾದರೂ ಕಂಪೆನಿಯ ಉದ್ಯೋಗಿ ಎಚ್-1ಬಿ ವೀಸಾ ಮೂಲಕ ಬಂದರೆ ಕಂಪೆನಿಯು ಹೆಚ್ಚುವರಿ ಶುಲ್ಕ ಪಾವತಿಸಬೇಕಾಗುತ್ತದೆ. ಇದರಿಂದ ಸಣ್ಣ ಹಾಗೂ ಮಧ್ಯಮ ಕಂಪೆನಿಗಳು ವಿದೇಶಿ ಪ್ರತಿಭೆಗಳನ್ನು ನೇಮಿಸಿಕೊಳ್ಳಲು ಹಿಂಜರಿಯುತ್ತವೆ.

ಹಾಗೆಂದು ಎಚ್-1ಬಿ ವೀಸಾ ಶುಲ್ಕ ಹೆಚ್ಚಿಸುವುದರಿಂದ ಅಮೆರಿಕದ ಸ್ಥಳೀಯರಿಗೆ ಉದ್ಯೋಗ ಸಿಗುತ್ತದೆ ಎಂಬುದು ಭ್ರಮೆ. ಕೌಶಲದ ಕೊರತೆ ಇರುವ ಕ್ಷೇತ್ರಗಳಲ್ಲಿ ವಿದೇಶಿ ಪ್ರತಿಭೆಗಳ ಅಗತ್ಯ ಇದ್ದೇ ಇರುತ್ತದೆ.

ಭಾರತಕ್ಕೆ ಹೊಡೆತ ನೀಡಲೆಂದೇ ಅಮೆರಿಕವು ಎಚ್-1ಬಿ ವೀಸಾ ಶುಲ್ಕ ಹೆಚ್ಚಿಸಿರುವುದು ನಿಶ್ಚಿತ.

ತಮ್ಮ ಕೆಲಸವನ್ನು ವಿದೇಶಗಳಿಗೆ ಔಟ್‌ಸೋರ್ಸ್ ಮಾಡಬಹುದು. ಇದರಿಂದ ಭಾರತ, ಚೀನಾ ಮುಂತಾದ ದೇಶಗಳಲ್ಲಿ ಹೆಚ್ಚು ಉದ್ಯೋಗ ಸೃಷ್ಟಿಯಾಗಬಹುದು. ಮುಖ್ಯವಾಗಿ ಅಮೆರಿಕದ ಕಂಪೆನಿಗಳು ಭಾರತದಲ್ಲಿ ಜಾಗತಿಕ ಸಾಮರ್ಥ್ಯ ಕೇಂದ್ರಗಳನ್ನು ವಿಸ್ತರಿಸುವ ಸಾಧ್ಯತೆ ಇದೆ.

ಎಚ್-1ಬಿ ವೀಸಾ ಶುಲ್ಕ ಹೆಚ್ಚಳ ಟ್ರಂಪ್ ನಿರ್ಧಾರವು ಭಾರತದ ಮೇಲೆ ನೇರ ಪರಿಣಾಮ ಬೀರಲಿದೆ. 2024ರ ಹಣಕಾಸು ವರ್ಷದಲ್ಲಿ ಅಮೆರಿಕ ನೀಡಿದ 2,19,659 ಎಚ್-1ಬಿ ವೀಸಾಗಳಲ್ಲಿ 1,50,647 ವೀಸಾಗಳನ್ನು ಭಾರತೀಯರೇ ಪಡೆದಿದ್ದಾರೆ. ಅಂದರೆ ಶೇ. 69ರಷ್ಟು ಪಾಲು ಭಾರತೀಯರದ್ದು. ಚೀನಾ 2ನೇ ಸ್ಥಾನದಲ್ಲಿದ್ದು 31,735 ವೀಸಾ ಪಡೆದಿದೆ.

ಚೀನೀಯರು ಎಚ್-1ಬಿ ವೀಸಾ ಪಡೆದಿದ್ದಾರೆ. ಒಟ್ಟಿನಲ್ಲಿ ಭಾರತ ಮತ್ತು ಚೀನಾಗಳು ಶೇ. 83ರಷ್ಟು ವೀಸಾಗಳನ್ನು ಪಡೆದಿವೆ. ಶೇ. 65ರಷ್ಟು ವೀಸಾಗಳು ಕಂಪ್ಯೂಟರ್ ಸಂಬಂಧಿತ ಉದ್ಯೋಗಗಳಿಗೆ ನೀಡಲಾಗಿದೆ.

ಈ ಹೊಸ ನಿಯಮದಿಂದ ಅಮೆರಿಕದ ತಂತ್ರಜ್ಞಾನ ಕ್ಷೇತ್ರಕ್ಕೆ ಹಿನ್ನಡೆಯಾಗಲಿದೆ. ಕೆನಡಾ, ಯುರೋಪ್ ಮತ್ತು ಆಸ್ಟ್ರೇಲಿಯಾಗಳು ಈ ಪ್ರತಿಭೆಗಳನ್ನು ಸೆಳೆಯಲು ಮುಂದಾಗುವ ಸಾಧ್ಯತೆ ಇದೆ. ಹಾಗಾಗಿ ಈ ನಿರ್ಧಾರ ಅಮೆರಿಕಕ್ಕೇ ಹಾನಿ ಮಾಡಲಿದೆ ಎಂಬುದು ತಜ್ಞರ ಅಭಿಪ್ರಾಯ.
